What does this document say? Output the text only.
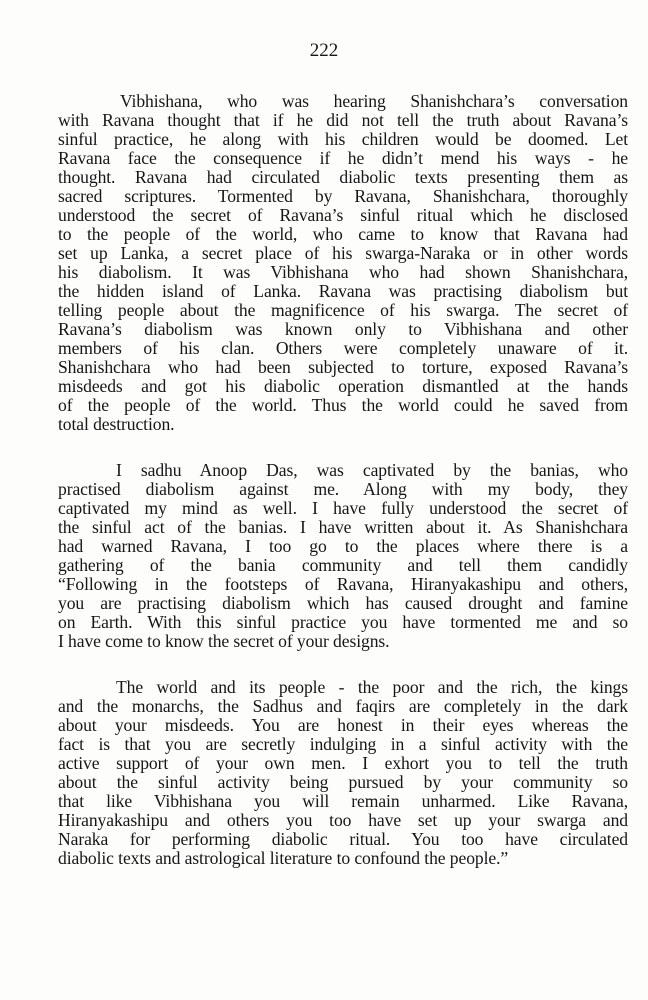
222

Vibhishana, who was hearing Shanishchara’s conversation
with Ravana thought that if he did not tell the truth about Ravana’s
sinful practice, he along with his children would be doomed. Let
Ravana face the consequence if he didn’t mend his ways - he
thought. Ravana had circulated diabolic texts presenting them as
sacred scriptures. Tormented by Ravana, Shanishchara, thoroughly
understood the secret of Ravana’s sinful ritual which he disclosed
to the people of the world, who came to know that Ravana had
set up Lanka, a secret place of his swarga-Naraka or in other words
his diabolism. It was Vibhishana who had shown Shanishchara,
the hidden island of Lanka. Ravana was practising diabolism but
telling people about the magnificence of his swarga. The secret of
Ravana’s diabolism was known only to Vibhishana and other
members of his clan. Others were completely unaware of it.
Shanishchara who had been subjected to torture, exposed Ravana’s
misdeeds and got his diabolic operation dismantled at the hands
of the people of the world. Thus the world could he saved from
total destruction.

I sadhu Anoop Das, was captivated by the banias, who
practised diabolism against me. Along with my body, they
captivated my mind as well. I have fully understood the secret of
the sinful act of the banias. I have written about it. As Shanishchara
had warned Ravana, I too go to the places where there is a
gathering of the bania community and tell them candidly
“Following in the footsteps of Ravana, Hiranyakashipu and others,
you are practising diabolism which has caused drought and famine
on Earth. With this sinful practice you have tormented me and so
I have come to know the secret of your designs.

The world and its people - the poor and the rich, the kings
and the monarchs, the Sadhus and faqirs are completely in the dark
about your misdeeds. You are honest in their eyes whereas the
fact is that you are secretly indulging in a sinful activity with the
active support of your own men. I exhort you to tell the truth
about the sinful activity being pursued by your community so
that like Vibhishana you will remain unharmed. Like Ravana,
Hiranyakashipu and others you too have set up your swarga and
Naraka for performing diabolic ritual. You too have circulated
diabolic texts and astrological literature to confound the people.”
